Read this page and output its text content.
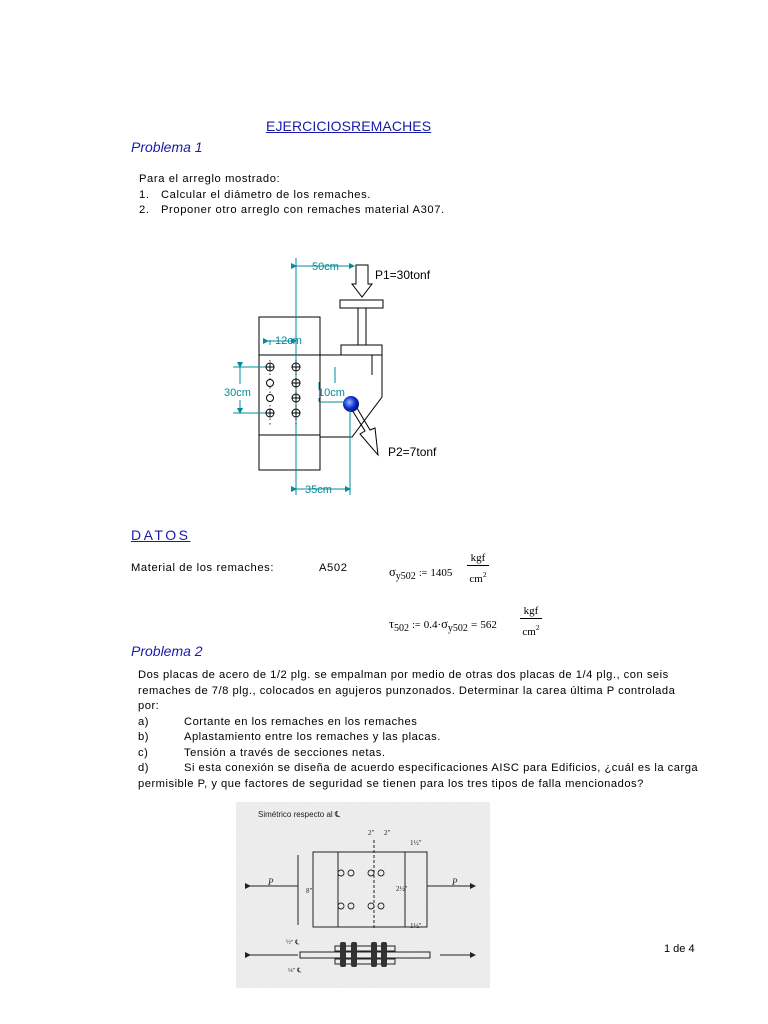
EJERCICIOSREMACHES
Problema 1
Para el arreglo mostrado:
1.	Calcular el diámetro de los remaches.
2.	Proponer otro arreglo con remaches material A307.
50cm
P1=30tonf
12cm
30cm	10cm
P2=7tonf
35cm
DATOS
Material de los remaches:	A502	$\sigma_{y502}$ := 1405
kgf
$cm^2$
$\tau_{502}$ := $0.4\cdot\sigma_{y502} = 562$
kgf
$cm^2$
Problema 2
Dos placas de acero de 1/2 plg. se empalman por medio de otras dos placas de 1/4 plg., con seis
remaches de 7/8 plg., colocados en agujeros punzonados. Determinar la carea última P controlada
por:
a)	Cortante en los remaches en los remaches
b)	Aplastamiento entre los remaches y las placas.
c)	Tensión a través de secciones netas.
d)	Si esta conexión se diseña de acuerdo especificaciones AISC para Edificios, ¿cuál es la carga
permisible P, y que factores de seguridad se tienen para los tres tipos de falla mencionados?
Simétrico respecto al ℄
P	P
8"
2" 2"
1½"
2½"
1½"
½" ℄
¼" ℄
1 de 4
